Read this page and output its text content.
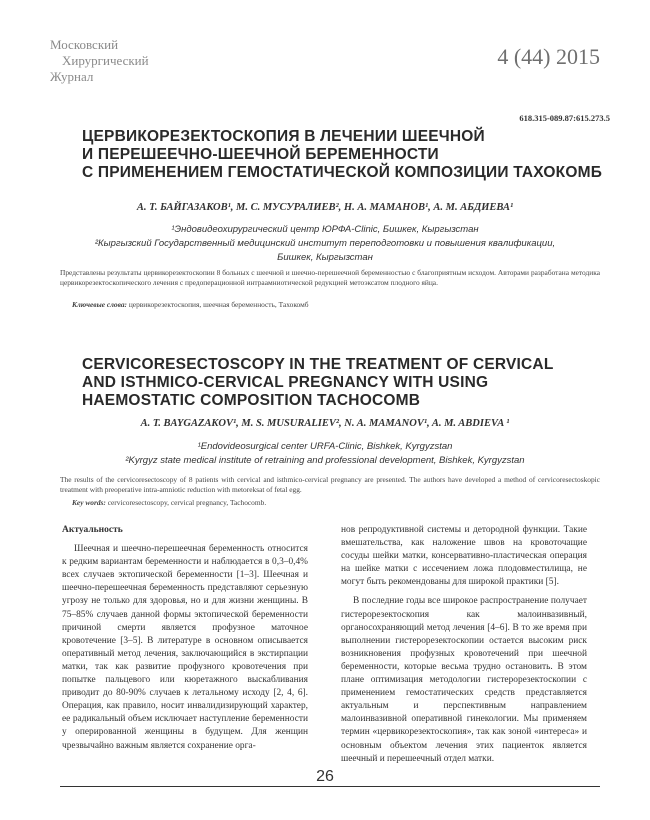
Московский
Хирургический
Журнал
4 (44) 2015
618.315-089.87:615.273.5
ЦЕРВИКОРЕЗЕКТОСКОПИЯ В ЛЕЧЕНИИ ШЕЕЧНОЙ
И ПЕРЕШЕЕЧНО-ШЕЕЧНОЙ БЕРЕМЕННОСТИ
С ПРИМЕНЕНИЕМ ГЕМОСТАТИЧЕСКОЙ КОМПОЗИЦИИ ТАХОКОМБ
А. Т. БАЙГАЗАКОВ¹, М. С. МУСУРАЛИЕВ², Н. А. МАМАНОВ¹, А. М. АБДИЕВА¹
¹Эндовидеохирургический центр ЮРФА-Clinic, Бишкек, Кыргызстан
²Кыргызский Государственный медицинский институт переподготовки и повышения квалификации,
Бишкек, Кыргызстан
Представлены результаты цервикорезектоскопии 8 больных с шеечной и шеечно-перешеечной беременностью с благоприятным исходом. Авторами разработана методика цервикорезектоскопического лечения с предоперационной интраамниотической редукцией метоэксатом плодного яйца.
Ключевые слова: цервикорезектоскопия, шеечная беременность, Тахокомб
CERVICORESECTOSCOPY IN THE TREATMENT OF CERVICAL
AND ISTHMICO-CERVICAL PREGNANCY WITH USING
HAEMOSTATIC COMPOSITION TACHOCOMB
A. T. BAYGAZAKOV¹, M. S. MUSURALIEV², N. A. MAMANOV¹, A. M. ABDIEVA ¹
¹Endovideosurgical center URFA-Clinic, Bishkek, Kyrgyzstan
²Kyrgyz state medical institute of retraining and professional development, Bishkek, Kyrgyzstan
The results of the cervicoresectoscopy of 8 patients with cervical and isthmico-cervical pregnancy are presented. The authors have developed a method of cervicoresectoskopic treatment with preoperative intra-amniotic reduction with metoreksat of fetal egg.
Key words: cervicoresectoscopy, cervical pregnancy, Tachocomb.

Актуальность

Шеечная и шеечно-перешеечная беременность относится к редким вариантам беременности и наблюдается в 0,3–0,4% всех случаев эктопической беременности [1–3]. Шеечная и шеечно-перешеечная беременность представляют серьезную угрозу не только для здоровья, но и для жизни женщины. В 75–85% случаев данной формы эктопической беременности причиной смерти является профузное маточное кровотечение [3–5]. В литературе в основном описывается оперативный метод лечения, заключающийся в экстирпации матки, так как развитие профузного кровотечения при попытке пальцевого или кюретажного выскабливания приводит до 80-90% случаев к летальному исходу [2, 4, 6]. Операция, как правило, носит инвалидизирующий характер, ее радикальный объем исключает наступление беременности у оперированной женщины в будущем. Для женщин чрезвычайно важным является сохранение орга-

нов репродуктивной системы и детородной функции. Такие вмешательства, как наложение швов на кровоточащие сосуды шейки матки, консервативно-пластическая операция на шейке матки с иссечением ложа плодовместилища, не могут быть рекомендованы для широкой практики [5].

В последние годы все широкое распространение получает гистерорезектоскопия как малоинвазивный, органосохраняющий метод лечения [4–6]. В то же время при выполнении гистерорезектоскопии остается высоким риск возникновения профузных кровотечений при шеечной беременности, которые весьма трудно остановить. В этом плане оптимизация методологии гистерорезектоскопии с применением гемостатических средств представляется актуальным и перспективным направлением малоинвазивной оперативной гинекологии. Мы применяем термин «цервикорезектоскопия», так как зоной «интереса» и основным объектом лечения этих пациенток является шеечный и перешеечный отдел матки.

26
